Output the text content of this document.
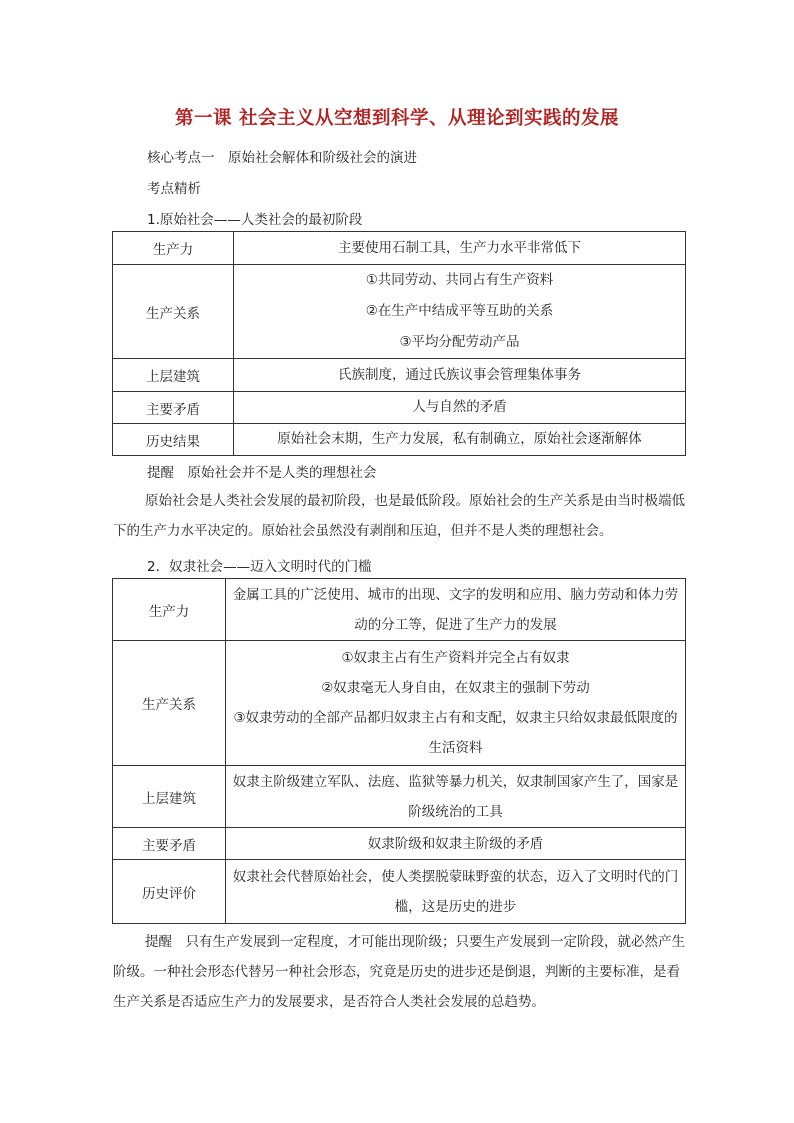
第一课 社会主义从空想到科学、从理论到实践的发展
核心考点一　原始社会解体和阶级社会的演进
考点精析
1.原始社会——人类社会的最初阶段
生产力	主要使用石制工具，生产力水平非常低下

生产关系	①共同劳动、共同占有生产资料
②在生产中结成平等互助的关系
③平均分配劳动产品

上层建筑	氏族制度，通过氏族议事会管理集体事务

主要矛盾	人与自然的矛盾

历史结果	原始社会末期，生产力发展，私有制确立，原始社会逐渐解体
提醒　原始社会并不是人类的理想社会
原始社会是人类社会发展的最初阶段，也是最低阶段。原始社会的生产关系是由当时极端低下的生产力水平决定的。原始社会虽然没有剥削和压迫，但并不是人类的理想社会。
2．奴隶社会——迈入文明时代的门槛
生产力	金属工具的广泛使用、城市的出现、文字的发明和应用、脑力劳动和体力劳动的分工等，促进了生产力的发展
生产关系	①奴隶主占有生产资料并完全占有奴隶
②奴隶毫无人身自由，在奴隶主的强制下劳动
③奴隶劳动的全部产品都归奴隶主占有和支配，奴隶主只给奴隶最低限度的生活资料

上层建筑	奴隶主阶级建立军队、法庭、监狱等暴力机关，奴隶制国家产生了，国家是阶级统治的工具
主要矛盾	奴隶阶级和奴隶主阶级的矛盾
历史评价	奴隶社会代替原始社会，使人类摆脱蒙昧野蛮的状态，迈入了文明时代的门槛，这是历史的进步
提醒　只有生产发展到一定程度，才可能出现阶级；只要生产发展到一定阶段，就必然产生阶级。一种社会形态代替另一种社会形态，究竟是历史的进步还是倒退，判断的主要标准，是看生产关系是否适应生产力的发展要求，是否符合人类社会发展的总趋势。
